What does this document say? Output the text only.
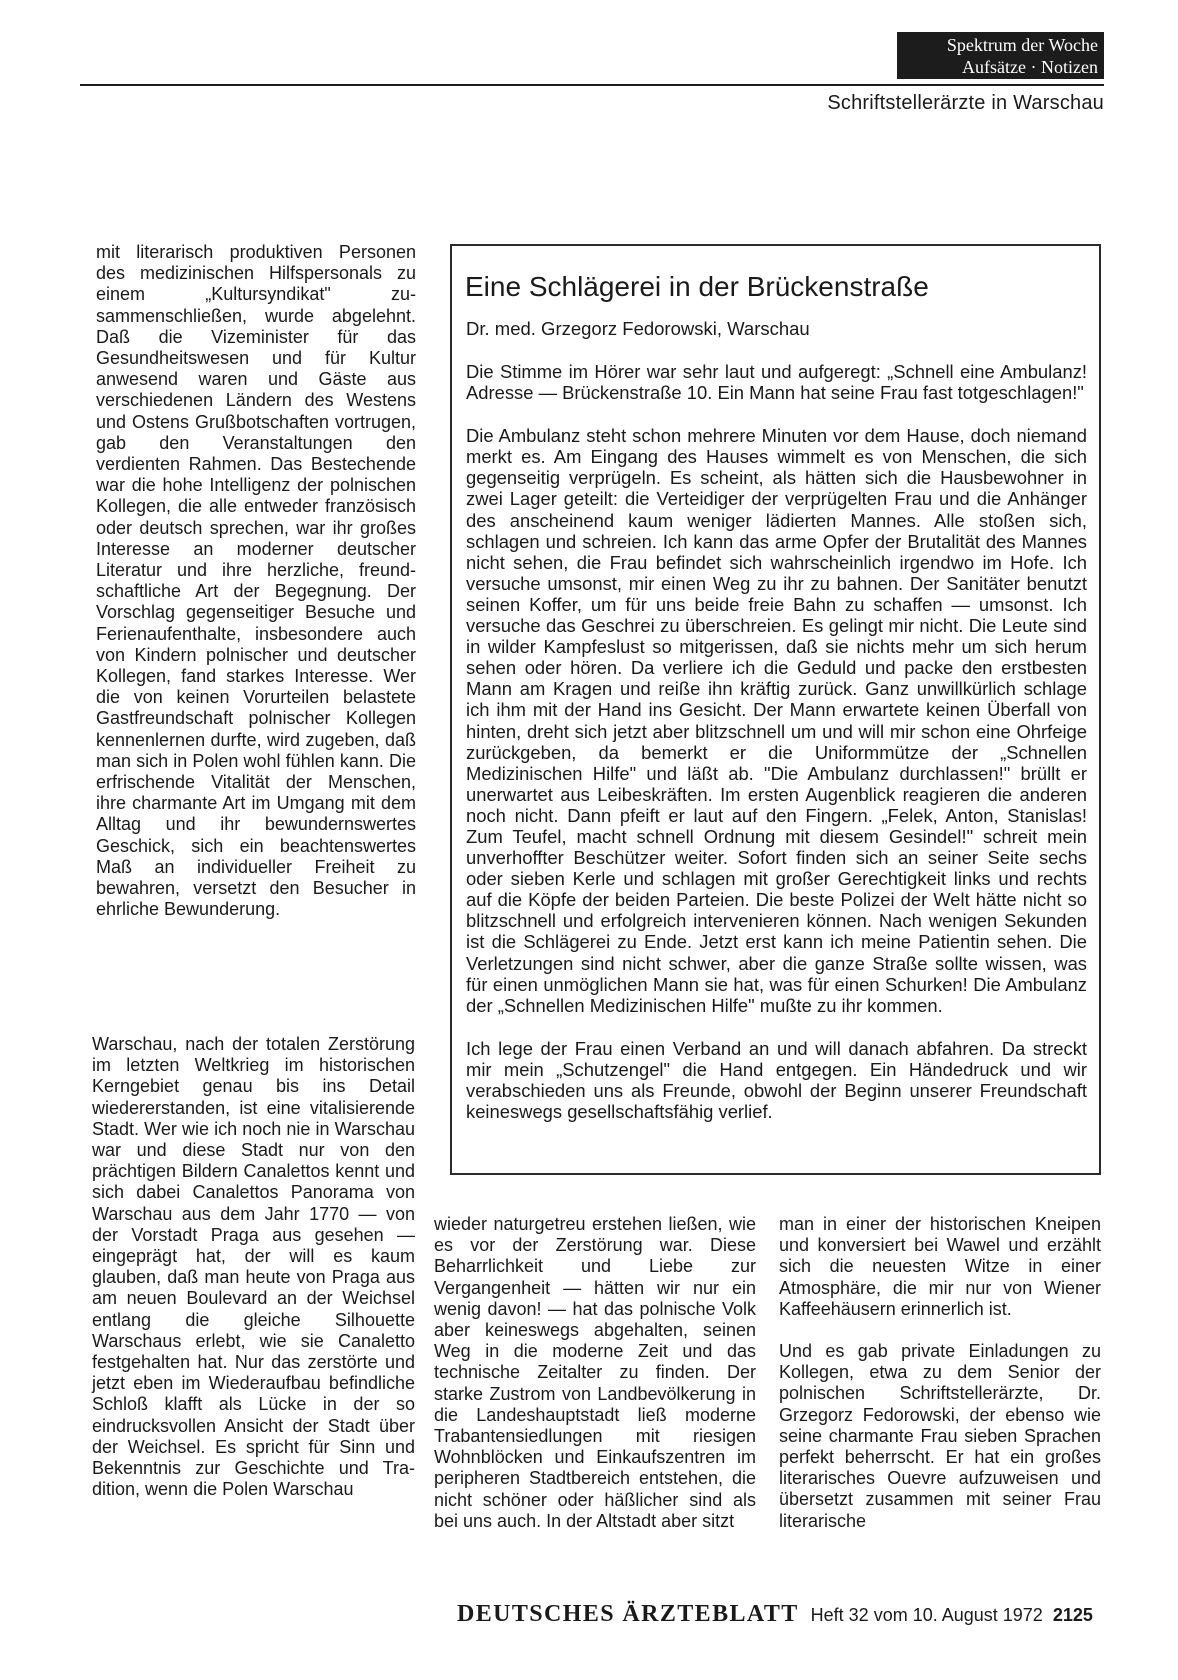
Spektrum der Woche
Aufsätze · Notizen
Schriftstellerärzte in Warschau

mit literarisch produktiven Personen des medizinischen Hilfspersonals zu einem „Kultursyndikat" zusammenschließen, wurde abgelehnt. Daß die Vizeminister für das Gesundheitswesen und für Kultur anwesend waren und Gäste aus verschiedenen Ländern des Westens und Ostens Grußbotschaften vortrugen, gab den Veranstaltungen den verdienten Rahmen. Das Bestechende war die hohe Intelligenz der polnischen Kollegen, die alle entweder französisch oder deutsch sprechen, war ihr großes Interesse an moderner deutscher Literatur und ihre herzliche, freundschaftliche Art der Begegnung. Der Vorschlag gegenseitiger Besuche und Ferienaufenthalte, insbesondere auch von Kindern polnischer und deutscher Kollegen, fand starkes Interesse. Wer die von keinen Vorurteilen belastete Gastfreundschaft polnischer Kollegen kennenlernen durfte, wird zugeben, daß man sich in Polen wohl fühlen kann. Die erfrischende Vitalität der Menschen, ihre charmante Art im Umgang mit dem Alltag und ihr bewundernswertes Geschick, sich ein beachtenswertes Maß an individueller Freiheit zu bewahren, versetzt den Besucher in ehrliche Bewunderung.

Warschau, nach der totalen Zerstörung im letzten Weltkrieg im historischen Kerngebiet genau bis ins Detail wiedererstanden, ist eine vitalisierende Stadt. Wer wie ich noch nie in Warschau war und diese Stadt nur von den prächtigen Bildern Canalettos kennt und sich dabei Canalettos Panorama von Warschau aus dem Jahr 1770 — von der Vorstadt Praga aus gesehen — eingeprägt hat, der will es kaum glauben, daß man heute von Praga aus am neuen Boulevard an der Weichsel entlang die gleiche Silhouette Warschaus erlebt, wie sie Canaletto festgehalten hat. Nur das zerstörte und jetzt eben im Wiederaufbau befindliche Schloß klafft als Lücke in der so eindrucksvollen Ansicht der Stadt über der Weichsel. Es spricht für Sinn und Bekenntnis zur Geschichte und Tradition, wenn die Polen Warschau

Eine Schlägerei in der Brückenstraße
Dr. med. Grzegorz Fedorowski, Warschau

Die Stimme im Hörer war sehr laut und aufgeregt: „Schnell eine Ambulanz! Adresse — Brückenstraße 10. Ein Mann hat seine Frau fast totgeschlagen!"

Die Ambulanz steht schon mehrere Minuten vor dem Hause, doch niemand merkt es. Am Eingang des Hauses wimmelt es von Menschen, die sich gegenseitig verprügeln. Es scheint, als hätten sich die Hausbewohner in zwei Lager geteilt: die Verteidiger der verprügelten Frau und die Anhänger des anscheinend kaum weniger lädierten Mannes. Alle stoßen sich, schlagen und schreien. Ich kann das arme Opfer der Brutalität des Mannes nicht sehen, die Frau befindet sich wahrscheinlich irgendwo im Hofe. Ich versuche umsonst, mir einen Weg zu ihr zu bahnen. Der Sanitäter benutzt seinen Koffer, um für uns beide freie Bahn zu schaffen — umsonst. Ich versuche das Geschrei zu überschreien. Es gelingt mir nicht. Die Leute sind in wilder Kampfeslust so mitgerissen, daß sie nichts mehr um sich herum sehen oder hören. Da verliere ich die Geduld und packe den erstbesten Mann am Kragen und reiße ihn kräftig zurück. Ganz unwillkürlich schlage ich ihm mit der Hand ins Gesicht. Der Mann erwartete keinen Überfall von hinten, dreht sich jetzt aber blitzschnell um und will mir schon eine Ohrfeige zurückgeben, da bemerkt er die Uniformmütze der „Schnellen Medizinischen Hilfe" und läßt ab. "Die Ambulanz durchlassen!" brüllt er unerwartet aus Leibeskräften. Im ersten Augenblick reagieren die anderen noch nicht. Dann pfeift er laut auf den Fingern. „Felek, Anton, Stanislas! Zum Teufel, macht schnell Ordnung mit diesem Gesindel!" schreit mein unverhoffter Beschützer weiter. Sofort finden sich an seiner Seite sechs oder sieben Kerle und schlagen mit großer Gerechtigkeit links und rechts auf die Köpfe der beiden Parteien. Die beste Polizei der Welt hätte nicht so blitzschnell und erfolgreich intervenieren können. Nach wenigen Sekunden ist die Schlägerei zu Ende. Jetzt erst kann ich meine Patientin sehen. Die Verletzungen sind nicht schwer, aber die ganze Straße sollte wissen, was für einen unmöglichen Mann sie hat, was für einen Schurken! Die Ambulanz der „Schnellen Medizinischen Hilfe" mußte zu ihr kommen.

Ich lege der Frau einen Verband an und will danach abfahren. Da streckt mir mein „Schutzengel" die Hand entgegen. Ein Händedruck und wir verabschieden uns als Freunde, obwohl der Beginn unserer Freundschaft keineswegs gesellschaftsfähig verlief.

wieder naturgetreu erstehen ließen, wie es vor der Zerstörung war. Diese Beharrlichkeit und Liebe zur Vergangenheit — hätten wir nur ein wenig davon! — hat das polnische Volk aber keineswegs abgehalten, seinen Weg in die moderne Zeit und das technische Zeitalter zu finden. Der starke Zustrom von Landbevölkerung in die Landeshauptstadt ließ moderne Trabantensiedlungen mit riesigen Wohnblöcken und Einkaufszentren im peripheren Stadtbereich entstehen, die nicht schöner oder häßlicher sind als bei uns auch. In der Altstadt aber sitzt

man in einer der historischen Kneipen und konversiert bei Wawel und erzählt sich die neuesten Witze in einer Atmosphäre, die mir nur von Wiener Kaffeehäusern erinnerlich ist.

Und es gab private Einladungen zu Kollegen, etwa zu dem Senior der polnischen Schriftstellerärzte, Dr. Grzegorz Fedorowski, der ebenso wie seine charmante Frau sieben Sprachen perfekt beherrscht. Er hat ein großes literarisches Ouevre aufzuweisen und übersetzt zusammen mit seiner Frau literarische

DEUTSCHES ÄRZTEBLATT Heft 32 vom 10. August 1972 2125
